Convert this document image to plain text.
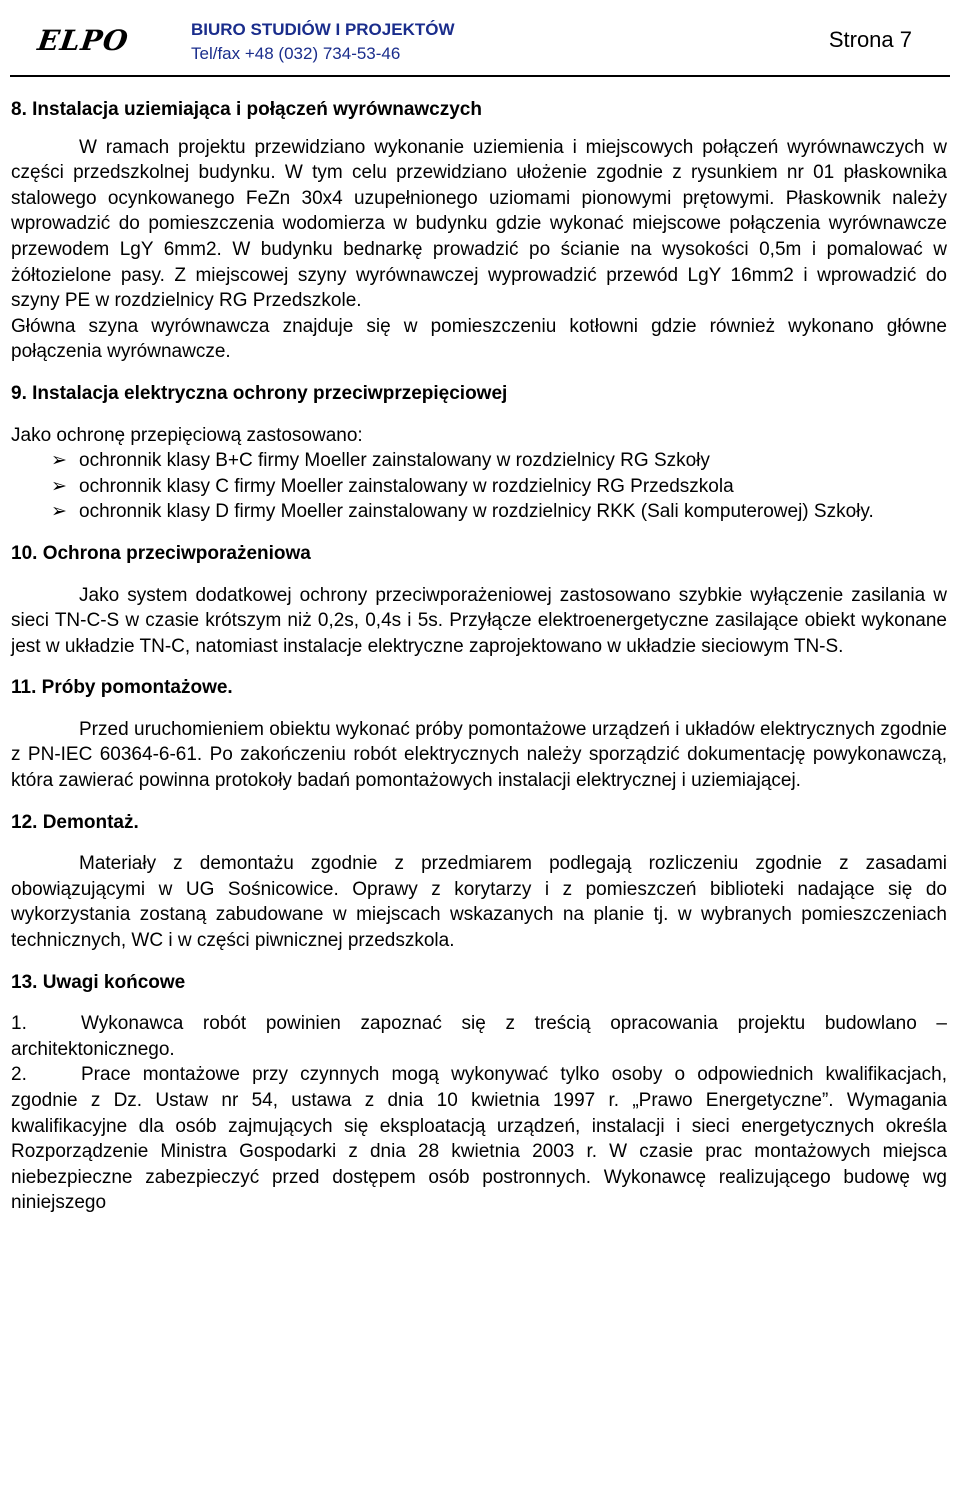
ELPO	BIURO STUDIÓW I PROJEKTÓW
Tel/fax +48 (032) 734-53-46
Strona 7
8. Instalacja uziemiająca i połączeń wyrównawczych

W ramach projektu przewidziano wykonanie uziemienia i miejscowych połączeń wyrównawczych w części przedszkolnej budynku. W tym celu przewidziano ułożenie zgodnie z rysunkiem nr 01 płaskownika stalowego ocynkowanego FeZn 30x4 uzupełnionego uziomami pionowymi prętowymi. Płaskownik należy wprowadzić do pomieszczenia wodomierza w budynku gdzie wykonać miejscowe połączenia wyrównawcze przewodem LgY 6mm2. W budynku bednarkę prowadzić po ścianie na wysokości 0,5m i pomalować w żółtozielone pasy. Z miejscowej szyny wyrównawczej wyprowadzić przewód LgY 16mm2 i wprowadzić do szyny PE w rozdzielnicy RG Przedszkole.

Główna szyna wyrównawcza znajduje się w pomieszczeniu kotłowni gdzie również wykonano główne połączenia wyrównawcze.

9. Instalacja elektryczna ochrony przeciwprzepięciowej

Jako ochronę przepięciową zastosowano:

➢ ochronnik klasy B+C firmy Moeller zainstalowany w rozdzielnicy RG Szkoły
➢ ochronnik klasy C firmy Moeller zainstalowany w rozdzielnicy RG Przedszkola
➢ ochronnik klasy D firmy Moeller zainstalowany w rozdzielnicy RKK (Sali komputerowej) Szkoły.
10. Ochrona przeciwporażeniowa

Jako system dodatkowej ochrony przeciwporażeniowej zastosowano szybkie wyłączenie zasilania w sieci TN-C-S w czasie krótszym niż 0,2s, 0,4s i 5s. Przyłącze elektroenergetyczne zasilające obiekt wykonane jest w układzie TN-C, natomiast instalacje elektryczne zaprojektowano w układzie sieciowym TN-S.

11. Próby pomontażowe.

Przed uruchomieniem obiektu wykonać próby pomontażowe urządzeń i układów elektrycznych zgodnie z PN-IEC 60364-6-61. Po zakończeniu robót elektrycznych należy sporządzić dokumentację powykonawczą, która zawierać powinna protokoły badań pomontażowych instalacji elektrycznej i uziemiającej.

12. Demontaż.

Materiały z demontażu zgodnie z przedmiarem podlegają rozliczeniu zgodnie z zasadami obowiązującymi w UG Sośnicowice. Oprawy z korytarzy i z pomieszczeń biblioteki nadające się do wykorzystania zostaną zabudowane w miejscach wskazanych na planie tj. w wybranych pomieszczeniach technicznych, WC i w części piwnicznej przedszkola.

13. Uwagi końcowe

1.	Wykonawca robót powinien zapoznać się z treścią opracowania projektu budowlano – architektonicznego.

2.	Prace montażowe przy czynnych mogą wykonywać tylko osoby o odpowiednich kwalifikacjach, zgodnie z Dz. Ustaw nr 54, ustawa z dnia 10 kwietnia 1997 r. „Prawo Energetyczne”. Wymagania kwalifikacyjne dla osób zajmujących się eksploatacją urządzeń, instalacji i sieci energetycznych określa Rozporządzenie Ministra Gospodarki z dnia 28 kwietnia 2003 r. W czasie prac montażowych miejsca niebezpieczne zabezpieczyć przed dostępem osób postronnych. Wykonawcę realizującego budowę wg niniejszego
